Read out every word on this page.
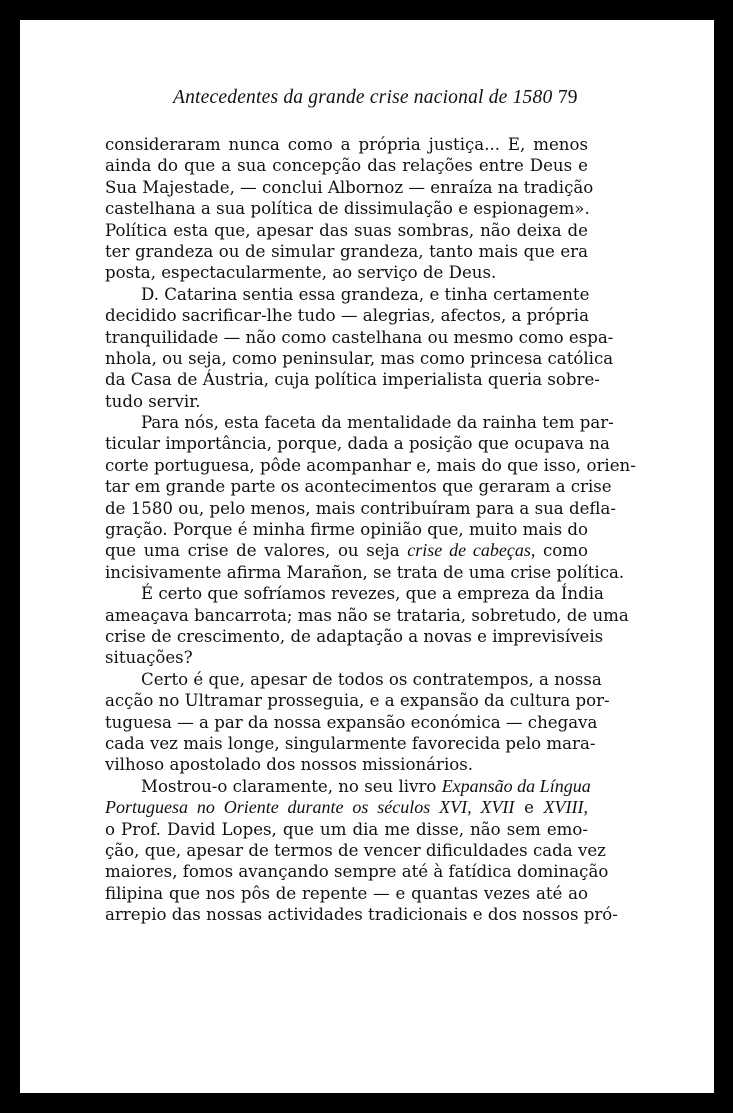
Antecedentes da grande crise nacional de 1580 79
consideraram nunca como a própria justiça... E, menos
ainda do que a sua concepção das relações entre Deus e
Sua Majestade, — conclui Albornoz — enraíza na tradição
castelhana a sua política de dissimulação e espionagem».
Política esta que, apesar das suas sombras, não deixa de
ter grandeza ou de simular grandeza, tanto mais que era
posta, espectacularmente, ao serviço de Deus.
D. Catarina sentia essa grandeza, e tinha certamente
decidido sacrificar-lhe tudo — alegrias, afectos, a própria
tranquilidade — não como castelhana ou mesmo como espa-
nhola, ou seja, como peninsular, mas como princesa católica
da Casa de Áustria, cuja política imperialista queria sobre-
tudo servir.
Para nós, esta faceta da mentalidade da rainha tem par-
ticular importância, porque, dada a posição que ocupava na
corte portuguesa, pôde acompanhar e, mais do que isso, orien-
tar em grande parte os acontecimentos que geraram a crise
de 1580 ou, pelo menos, mais contribuíram para a sua defla-
gração. Porque é minha firme opinião que, muito mais do
que uma crise de valores, ou seja crise de cabeças, como
incisivamente afirma Marañon, se trata de uma crise política.
É certo que sofríamos revezes, que a empreza da Índia
ameaçava bancarrota; mas não se trataria, sobretudo, de uma
crise de crescimento, de adaptação a novas e imprevisíveis
situações?
Certo é que, apesar de todos os contratempos, a nossa
acção no Ultramar prosseguia, e a expansão da cultura por-
tuguesa — a par da nossa expansão económica — chegava
cada vez mais longe, singularmente favorecida pelo mara-
vilhoso apostolado dos nossos missionários.
Mostrou-o claramente, no seu livro Expansão da Língua
Portuguesa no Oriente durante os séculos XVI, XVII e XVIII,
o Prof. David Lopes, que um dia me disse, não sem emo-
ção, que, apesar de termos de vencer dificuldades cada vez
maiores, fomos avançando sempre até à fatídica dominação
filipina que nos pôs de repente — e quantas vezes até ao
arrepio das nossas actividades tradicionais e dos nossos pró-
